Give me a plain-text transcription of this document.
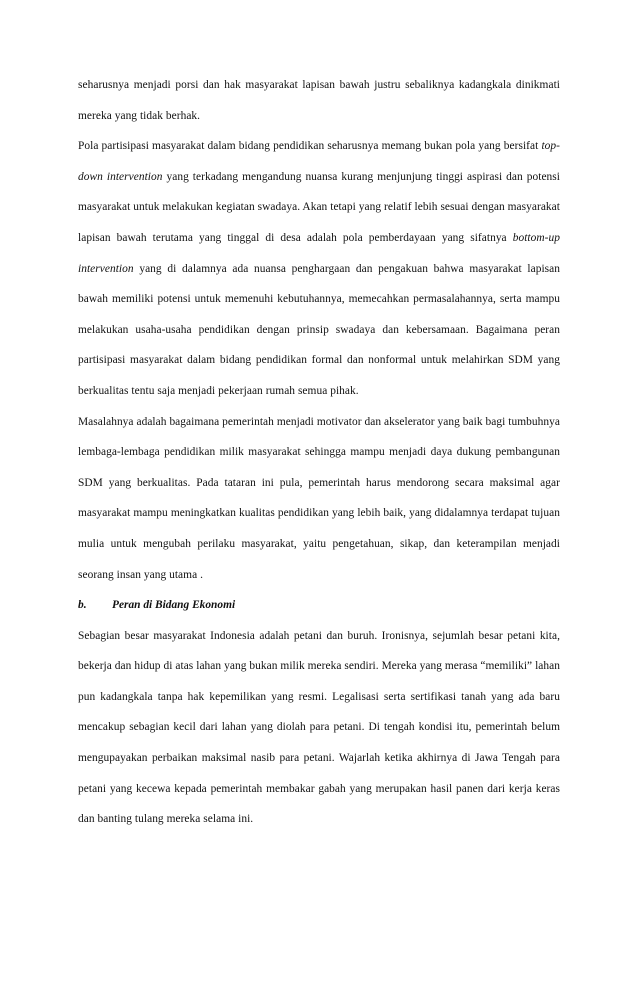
seharusnya menjadi porsi dan hak masyarakat lapisan bawah justru sebaliknya kadangkala dinikmati mereka yang tidak berhak.

Pola partisipasi masyarakat dalam bidang pendidikan seharusnya memang bukan pola yang bersifat top-down intervention yang terkadang mengandung nuansa kurang menjunjung tinggi aspirasi dan potensi masyarakat untuk melakukan kegiatan swadaya. Akan tetapi yang relatif lebih sesuai dengan masyarakat lapisan bawah terutama yang tinggal di desa adalah pola pemberdayaan yang sifatnya bottom-up intervention yang di dalamnya ada nuansa penghargaan dan pengakuan bahwa masyarakat lapisan bawah memiliki potensi untuk memenuhi kebutuhannya, memecahkan permasalahannya, serta mampu melakukan usaha-usaha pendidikan dengan prinsip swadaya dan kebersamaan. Bagaimana peran partisipasi masyarakat dalam bidang pendidikan formal dan nonformal untuk melahirkan SDM yang berkualitas tentu saja menjadi pekerjaan rumah semua pihak.

Masalahnya adalah bagaimana pemerintah menjadi motivator dan akselerator yang baik bagi tumbuhnya lembaga-lembaga pendidikan milik masyarakat sehingga mampu menjadi daya dukung pembangunan SDM yang berkualitas. Pada tataran ini pula, pemerintah harus mendorong secara maksimal agar masyarakat mampu meningkatkan kualitas pendidikan yang lebih baik, yang didalamnya terdapat tujuan mulia untuk mengubah perilaku masyarakat, yaitu pengetahuan, sikap, dan keterampilan menjadi seorang insan yang utama .

b.	Peran di Bidang Ekonomi

Sebagian besar masyarakat Indonesia adalah petani dan buruh. Ironisnya, sejumlah besar petani kita, bekerja dan hidup di atas lahan yang bukan milik mereka sendiri. Mereka yang merasa “memiliki” lahan pun kadangkala tanpa hak kepemilikan yang resmi. Legalisasi serta sertifikasi tanah yang ada baru mencakup sebagian kecil dari lahan yang diolah para petani. Di tengah kondisi itu, pemerintah belum mengupayakan perbaikan maksimal nasib para petani. Wajarlah ketika akhirnya di Jawa Tengah para petani yang kecewa kepada pemerintah membakar gabah yang merupakan hasil panen dari kerja keras dan banting tulang mereka selama ini.
